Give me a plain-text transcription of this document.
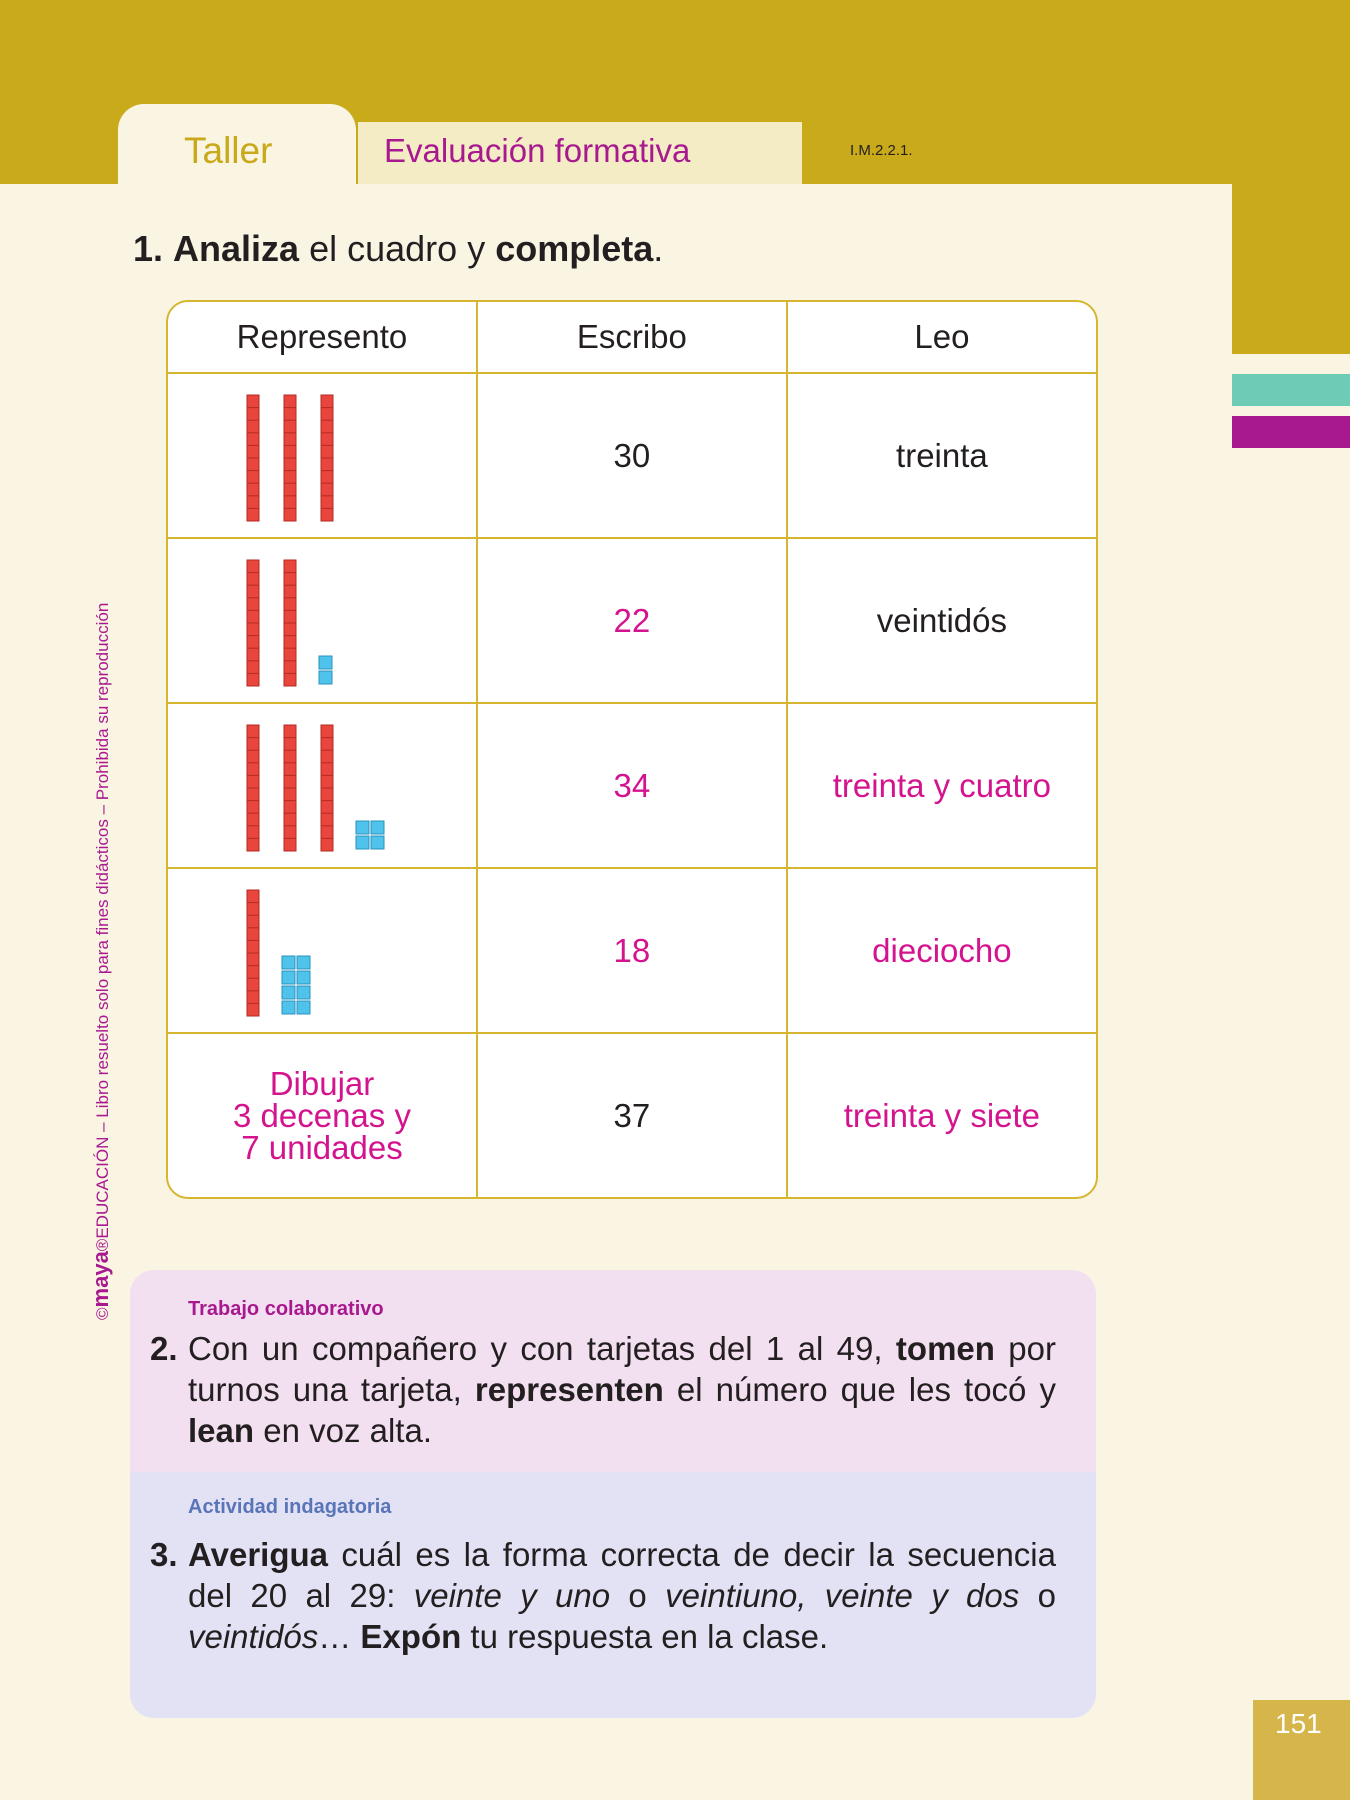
Taller	Evaluación formativa	I.M.2.2.1.
©maya®EDUCACIÓN – Libro resuelto solo para fines didácticos – Prohibida su reproducción
1. Analiza el cuadro y completa.
Represento	Escribo	Leo

	30	treinta

	22	veintidós

	34	treinta y cuatro

	18	dieciocho
Dibujar
3 decenas y
7 unidades	37	treinta y siete
Trabajo colaborativo
2. Con un compañero y con tarjetas del 1 al 49, tomen por turnos una tarjeta, representen el número que les tocó y lean en voz alta.
Actividad indagatoria
3. Averigua cuál es la forma correcta de decir la secuencia del 20 al 29: veinte y uno o veintiuno, veinte y dos o veintidós… Expón tu respuesta en la clase.
151
